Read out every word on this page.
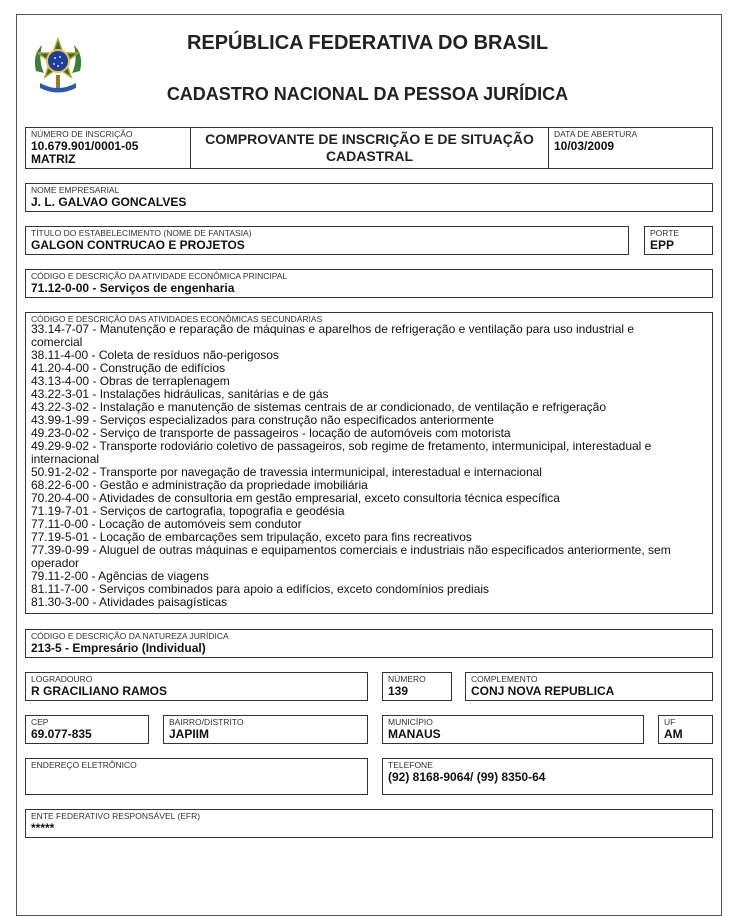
REPÚBLICA FEDERATIVA DO BRASIL
CADASTRO NACIONAL DA PESSOA JURÍDICA
NÚMERO DE INSCRIÇÃO
10.679.901/0001-05
MATRIZ
COMPROVANTE DE INSCRIÇÃO E DE SITUAÇÃO
CADASTRAL
DATA DE ABERTURA
10/03/2009
NOME EMPRESARIAL
J. L. GALVAO GONCALVES
TÍTULO DO ESTABELECIMENTO (NOME DE FANTASIA)
GALGON CONTRUCAO E PROJETOS
PORTE
EPP
CÓDIGO E DESCRIÇÃO DA ATIVIDADE ECONÔMICA PRINCIPAL
71.12-0-00 - Serviços de engenharia
CÓDIGO E DESCRIÇÃO DAS ATIVIDADES ECONÔMICAS SECUNDÁRIAS
33.14-7-07 - Manutenção e reparação de máquinas e aparelhos de refrigeração e ventilação para uso industrial e
comercial
38.11-4-00 - Coleta de resíduos não-perigosos
41.20-4-00 - Construção de edifícios
43.13-4-00 - Obras de terraplenagem
43.22-3-01 - Instalações hidráulicas, sanitárias e de gás
43.22-3-02 - Instalação e manutenção de sistemas centrais de ar condicionado, de ventilação e refrigeração
43.99-1-99 - Serviços especializados para construção não especificados anteriormente
49.23-0-02 - Serviço de transporte de passageiros - locação de automóveis com motorista
49.29-9-02 - Transporte rodoviário coletivo de passageiros, sob regime de fretamento, intermunicipal, interestadual e
internacional
50.91-2-02 - Transporte por navegação de travessia intermunicipal, interestadual e internacional
68.22-6-00 - Gestão e administração da propriedade imobiliária
70.20-4-00 - Atividades de consultoria em gestão empresarial, exceto consultoria técnica específica
71.19-7-01 - Serviços de cartografia, topografia e geodésia
77.11-0-00 - Locação de automóveis sem condutor
77.19-5-01 - Locação de embarcações sem tripulação, exceto para fins recreativos
77.39-0-99 - Aluguel de outras máquinas e equipamentos comerciais e industriais não especificados anteriormente, sem
operador
79.11-2-00 - Agências de viagens
81.11-7-00 - Serviços combinados para apoio a edifícios, exceto condomínios prediais
81.30-3-00 - Atividades paisagísticas
CÓDIGO E DESCRIÇÃO DA NATUREZA JURÍDICA
213-5 - Empresário (Individual)
LOGRADOURO
R GRACILIANO RAMOS
NÚMERO
139
COMPLEMENTO
CONJ NOVA REPUBLICA
CEP
69.077-835
BAIRRO/DISTRITO
JAPIIM
MUNICÍPIO
MANAUS
UF
AM
ENDEREÇO ELETRÔNICO	TELEFONE
(92) 8168-9064/ (99) 8350-64
ENTE FEDERATIVO RESPONSÁVEL (EFR)
*****
